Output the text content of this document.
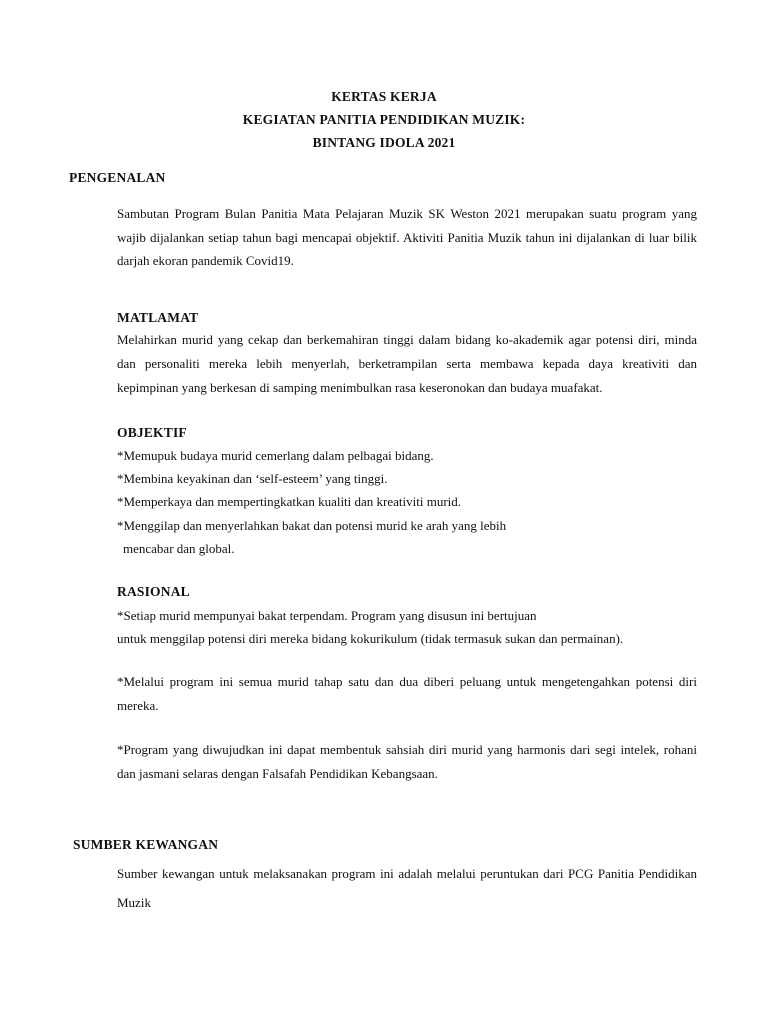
KERTAS KERJA
KEGIATAN PANITIA PENDIDIKAN MUZIK:
BINTANG IDOLA 2021
PENGENALAN
Sambutan Program Bulan Panitia Mata Pelajaran Muzik SK Weston 2021 merupakan suatu program yang wajib dijalankan setiap tahun bagi mencapai objektif. Aktiviti Panitia Muzik tahun ini dijalankan di luar bilik darjah ekoran pandemik Covid19.
MATLAMAT
Melahirkan murid yang cekap dan berkemahiran tinggi dalam bidang ko-akademik agar potensi diri, minda dan personaliti mereka lebih menyerlah, berketrampilan serta membawa kepada daya kreativiti dan kepimpinan yang berkesan di samping menimbulkan rasa keseronokan dan budaya muafakat.
OBJEKTIF
*Memupuk budaya murid cemerlang dalam pelbagai bidang.
*Membina keyakinan dan ‘self-esteem’ yang tinggi.
*Memperkaya dan mempertingkatkan kualiti dan kreativiti murid.
*Menggilap dan menyerlahkan bakat dan potensi murid ke arah yang lebih
mencabar dan global.
RASIONAL
*Setiap murid mempunyai bakat terpendam. Program yang disusun ini bertujuan
untuk menggilap potensi diri mereka bidang kokurikulum (tidak termasuk sukan dan permainan).
*Melalui program ini semua murid tahap satu dan dua diberi peluang untuk mengetengahkan potensi diri mereka.
*Program yang diwujudkan ini dapat membentuk sahsiah diri murid yang harmonis dari segi intelek, rohani dan jasmani selaras dengan Falsafah Pendidikan Kebangsaan.
SUMBER KEWANGAN
Sumber kewangan untuk melaksanakan program ini adalah melalui peruntukan dari PCG Panitia Pendidikan Muzik
